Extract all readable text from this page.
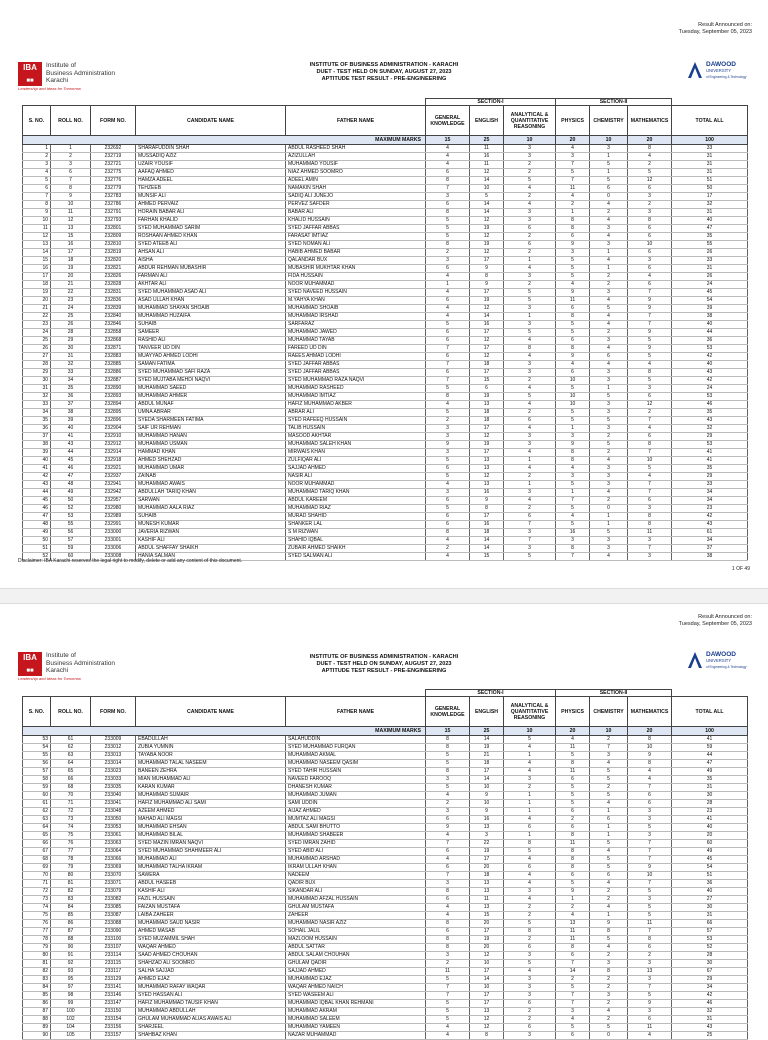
Result Announced on:
Tuesday, September 05, 2023
IBA
■■
Institute of
Business Administration
Karachi
Leadership and Ideas for Tomorrow
INSTITUTE OF BUSINESS ADMINISTRATION - KARACHI
DUET - TEST HELD ON SUNDAY, AUGUST 27, 2023
APTITUDE TEST RESULT - PRE-ENGINEERING
DAWOOD
UNIVERSITY
of Engineering & Technology
					SECTION-I			SECTION-II			
S. NO.	ROLL NO.	FORM NO.	CANDIDATE NAME	FATHER NAME	GENERAL KNOWLEDGE	ENGLISH	ANALYTICAL & QUANTITATIVE REASONING	PHYSICS	CHEMISTRY	MATHEMATICS	TOTAL ALL
MAXIMUM MARKS					15	25	10	20	10	20	100
1	1	232692	SHARAFUDDIN SHAH	ABDUL RASHEED SHAH	4	11	3	4	3	8	33
2	2	232719	MUSSADIQ AZIZ	AZIZULLAH	4	16	3	3	1	4	31
3	3	232721	UZAIR YOUSIF	MUHAMMAD YOUSIF	4	11	2	7	5	2	31
4	6	232775	AAFAQ AHMED	NIAZ AHMED SOOMRO	6	12	2	5	1	5	31
5	7	232776	HAMZA ADEEL	ADEEL AMIN	8	14	5	7	5	12	51
6	8	232779	TEHZEEB	NAMAKIN SHAH	7	10	4	11	6	6	50
7	9	232783	MUNSIF ALI	SADIQ ALI JUNEJO	3	5	2	4	0	3	17
8	10	232786	AHMED PERVAIZ	PERVEZ SAFDER	6	14	4	2	4	2	32
9	11	232791	HORAIN BABAR ALI	BABAR ALI	8	14	3	1	2	3	31
10	12	232793	FARHAN KHALID	KHALID HUSSAIN	5	12	3	8	4	8	40
11	13	232801	SYED MUHAMMAD SARIM	SYED JAFFAR ABBAS	5	19	6	8	3	6	47
12	15	232809	ROSHAAN AHMED KHAN	FARASAT IMTIAZ	5	12	2	6	4	6	35
13	16	232810	SYED ATEEB ALI	SYED NOMAN ALI	8	19	6	9	3	10	55
14	17	232819	AHSAN ALI	HABIB AHMED BABAR	2	12	2	3	1	6	26
15	18	232820	AISHA	QALANDAR BUX	3	17	1	5	4	3	33
16	19	232821	ABDUR REHMAN MUBASHIR	MUBASHIR MUKHTAR KHAN	6	9	4	5	1	6	31
17	20	232826	FARMAN ALI	FIDA HUSSAIN	4	8	3	5	2	4	26
18	21	232828	AKHTAR ALI	NOOR MUHAMMAD	1	9	2	4	2	6	24
19	22	232831	SYED MUHAMMAD ASAD ALI	SYED NAVEED HUSSAIN	4	17	5	9	3	7	45
20	23	232836	ASAD ULLAH KHAN	M.YAHYA KHAN	6	19	5	11	4	9	54
21	24	232839	MUHAMMAD SHAYAN SHOAIB	MUHAMMAD SHOAIB	4	12	3	6	5	9	39
22	25	232840	MUHAMMAD HUZAIFA	MUHAMMAD IRSHAD	4	14	1	8	4	7	38
23	26	232846	SUHAIB	SARFARAZ	5	16	3	5	4	7	40
24	28	232858	SAMEER	MUHAMMAD JAWED	6	17	5	5	2	9	44
25	29	232868	RASHID ALI	MUHAMMAD TAYAB	6	12	4	6	3	5	36
26	30	232871	TANVEER UD DIN	FAREED UD DIN	7	17	8	8	4	9	53
27	31	232883	MUAYYAD AHMED LODHI	RAEES AHMAD LODHI	6	12	4	9	6	5	42
28	32	232885	SAMAN FATIMA	SYED JAFFAR ABBAS	7	18	3	4	4	4	40
29	33	232886	SYED MUHAMMAD SAFI RAZA	SYED JAFFAR ABBAS	6	17	3	6	3	8	43
30	34	232887	SYED MUJTABA MEHDI NAQVI	SYED MUHAMMAD RAZA NAQVI	7	15	2	10	3	5	42
31	35	232890	MUHAMMAD SAEED	MUHAMMAD RASHEED	5	6	4	5	1	3	24
32	36	232893	MUHAMMAD AHMER	MUHAMMAD IMTIAZ	8	19	5	10	5	6	53
33	37	232894	ABDUL MUNAF	HAFIZ MUHAMMAD AKBER	4	13	4	10	3	12	46
34	38	232895	UMNA ABRAR	ABRAR ALI	5	18	2	5	3	2	35
35	39	232896	SYEDA SHARMEEN FATIMA	SYED RAFEEQ HUSSAIN	2	18	6	5	5	7	43
36	40	232904	SAIF UR REHMAN	TALIB HUSSAIN	3	17	4	1	3	4	32
37	41	232910	MUHAMMAD HANAN	MASOOD AKHTAR	3	12	3	3	2	6	29
38	43	232912	MUHAMMAD USMAN	MUHAMMAD SALEH KHAN	9	19	3	9	5	8	53
39	44	232914	HAMMAD KHAN	MIRWAIS KHAN	3	17	4	8	2	7	41
40	45	232918	AHMED SHEHZAD	ZULFIQAR ALI	5	13	1	8	4	10	41
41	46	232921	MUHAMMAD UMAR	SAJJAD AHMED	6	13	4	4	3	5	35
42	47	232937	ZAINAB	NASIR ALI	5	12	2	3	3	4	29
43	48	232941	MUHAMMAD AWAIS	NOOR MUHAMMAD	4	13	1	5	3	7	33
44	49	232942	ABDULLAH TARIQ KHAN	MUHAMMAD TARIQ KHAN	3	16	3	1	4	7	34
45	50	232957	SARWAN	ABDUL KAREEM	6	9	4	7	2	6	34
46	52	232980	MUHAMMAD AALA RIAZ	MUHAMMAD RIAZ	5	8	2	5	0	3	23
47	53	232989	SUHAIB	MURAD SHAHID	6	17	6	4	1	8	42
48	55	232991	MUNESH KUMAR	SHANKER LAL	6	16	7	5	1	8	43
49	56	233000	JAVERIA RIZWAN	S M RIZWAN	8	18	3	16	5	11	61
50	57	233001	KASHIF ALI	SHAHID IQBAL	4	14	7	3	3	3	34
51	59	233006	ABDUL SHAFFAY SHAIKH	ZUBAIR AHMED SHAIKH	2	14	3	8	3	7	37
52	60	233008	HANIA SALMAN	SYED SALMAN ALI	4	15	5	7	4	3	38
Disclaimer: IBA Karachi reserves the legal right to modify, delete or add any content of this document.
1 OF 49
Result Announced on:
Tuesday, September 05, 2023
IBA
■■
Institute of
Business Administration
Karachi
Leadership and Ideas for Tomorrow
INSTITUTE OF BUSINESS ADMINISTRATION - KARACHI
DUET - TEST HELD ON SUNDAY, AUGUST 27, 2023
APTITUDE TEST RESULT - PRE-ENGINEERING
DAWOOD
UNIVERSITY
of Engineering & Technology
					SECTION-I			SECTION-II			
S. NO.	ROLL NO.	FORM NO.	CANDIDATE NAME	FATHER NAME	GENERAL KNOWLEDGE	ENGLISH	ANALYTICAL & QUANTITATIVE REASONING	PHYSICS	CHEMISTRY	MATHEMATICS	TOTAL ALL
MAXIMUM MARKS					15	25	10	20	10	20	100
53	61	233009	EBADULLAH	SALAHUDDIN	8	14	5	4	2	8	41
54	62	233012	ZUBIA YUMNIN	SYED MUHAMMAD FURQAN	8	19	4	11	7	10	59
55	63	233013	TAYABA NOOR	MUHAMMAD AKMAL	5	21	1	5	3	9	44
56	64	233014	MUHAMMAD TALAL NASEEM	MUHAMMAD NASEEM QASIM	5	18	4	8	4	8	47
57	65	233023	BANEEN ZEHRA	SYED TAHIR HUSSAIN	8	17	4	11	5	4	49
58	66	233033	MIAN MUHAMMAD ALI	NAVEED FAROOQ	3	14	3	6	5	4	35
59	68	233035	KARAN KUMAR	DHANESH KUMAR	5	10	2	5	2	7	31
60	70	233040	MUHAMMAD SUMAIR	MUHAMMAD JUMAN	4	9	1	5	5	6	30
61	71	233041	HAFIZ MUHAMMAD ALI SAMI	SAMI UDDIN	2	10	1	5	4	6	28
62	72	233048	AZEEM AHMED	AIJAZ AHMED	3	9	1	6	1	3	23
63	73	233050	MAHAD ALI MAGSI	MUMTAZ ALI MAGSI	6	16	4	2	6	3	41
64	74	233053	MUHAMMAD EHSAN	ABDUL SAMI BHUTTO	9	13	6	6	1	5	40
65	75	233061	MUHAMMAD BILAL	MUHAMMAD SHABEER	4	3	1	8	1	3	20
66	76	233063	SYED MAZIN IMRAN NAQVI	SYED IMRAN ZAHID	7	22	8	11	5	7	60
67	77	233064	SYED MUHAMMAD SHAHMEER ALI	SYED ABID ALI	6	19	5	8	4	7	49
68	78	233066	MUHAMMAD ALI	MUHAMMAD ARSHAD	4	17	4	8	5	7	45
69	79	233069	MUHAMMAD TALHA IKRAM	IKRAM ULLAH KHAN	6	20	6	8	5	9	54
70	80	233070	SAWERA	NADEEM	7	18	4	6	6	10	51
71	81	233071	ABDUL HASEEB	QADIR BUX	3	13	4	5	4	7	36
72	82	233079	KASHIF ALI	SIKANDAR ALI	8	13	3	9	2	5	40
73	83	233082	FAZIL HUSSAIN	MUHAMMAD AFZAL HUSSAIN	6	11	4	1	2	3	27
74	84	233085	FAIZAN MUSTAFA	GHULAM MUSTAFA	4	13	2	2	4	5	30
75	85	233087	LAIBA ZAHEER	ZAHEER	4	15	2	4	1	5	31
76	86	233088	MUHAMMAD SAUD NASIR	MUHAMMAD NASIR AZIZ	8	20	5	13	9	11	66
77	87	233090	AHMED MASAB	SOHAIL JALIL	6	17	8	11	8	7	57
78	88	233100	SYED MUZAMMIL SHAH	MAZLOOM HUSSAIN	8	19	2	11	5	8	53
79	90	233107	WAQAR AHMED	ABDUL SATTAR	8	20	6	8	4	6	52
80	91	233114	SAAD AHMED CHOUHAN	ABDUL SALAM CHOUHAN	3	12	3	6	2	2	28
81	92	233115	SHAHZAD ALI SOOMRO	GHULAM QADIR	2	10	5	7	3	3	30
82	93	233117	SALHA SAJJAD	SAJJAD AHMED	11	17	4	14	8	13	67
83	95	233129	AHMED EJAZ	MUHAMMAD EJAZ	5	14	3	2	2	3	29
84	97	233141	MUHAMMAD RAFAY WAQAR	WAQAR AHMED NAICH	7	10	3	5	2	7	34
85	98	233146	SYED HASSAN ALI	SYED WASEEM ALI	7	17	3	7	3	5	42
86	99	233147	HAFIZ MUHAMMAD TAUSIF KHAN	MUHAMMAD IQBAL KHAN REHMANI	5	17	6	7	2	9	46
87	100	233150	MUHAMMAD ABDULLAH	MUHAMMAD AKRAM	5	13	2	3	4	3	32
88	102	233154	GHULAM MUHAMMAD ALIAS AWAIS ALI	MUHAMMAD SALEEM	5	12	2	4	2	6	31
89	104	233156	SHARJEEL	MUHAMMAD YAMEEN	4	12	6	5	5	11	43
90	105	233157	SHAHBAZ KHAN	NAZAR MUHAMMAD	4	8	3	6	0	4	25
